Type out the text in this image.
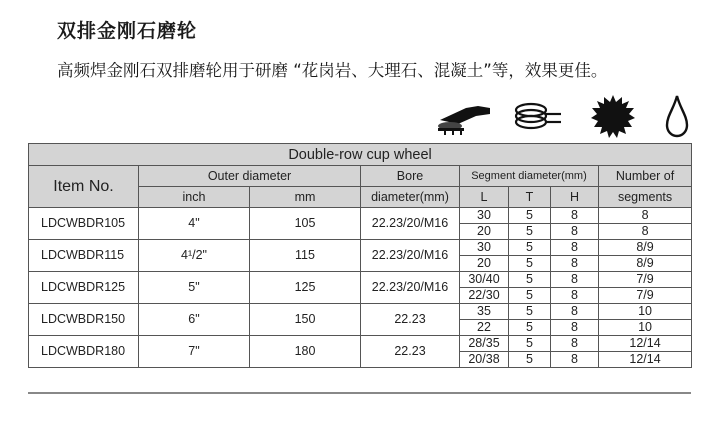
双排金刚石磨轮
高频焊金刚石双排磨轮用于研磨 “花岗岩、大理石、混凝土”等，效果更佳。
Double-row cup wheel							
Item No.	Outer diameter		Bore	Segment diameter(mm)			Number of
	inch	mm	diameter(mm)	L	T	H	segments
LDCWBDR105	4"	105	22.23/20/M16	30	5	8	8
				20	5	8	8
LDCWBDR115	4¹/2"	115	22.23/20/M16	30	5	8	8/9
				20	5	8	8/9
LDCWBDR125	5"	125	22.23/20/M16	30/40	5	8	7/9
				22/30	5	8	7/9
LDCWBDR150	6"	150	22.23	35	5	8	10
				22	5	8	10
LDCWBDR180	7"	180	22.23	28/35	5	8	12/14
				20/38	5	8	12/14
